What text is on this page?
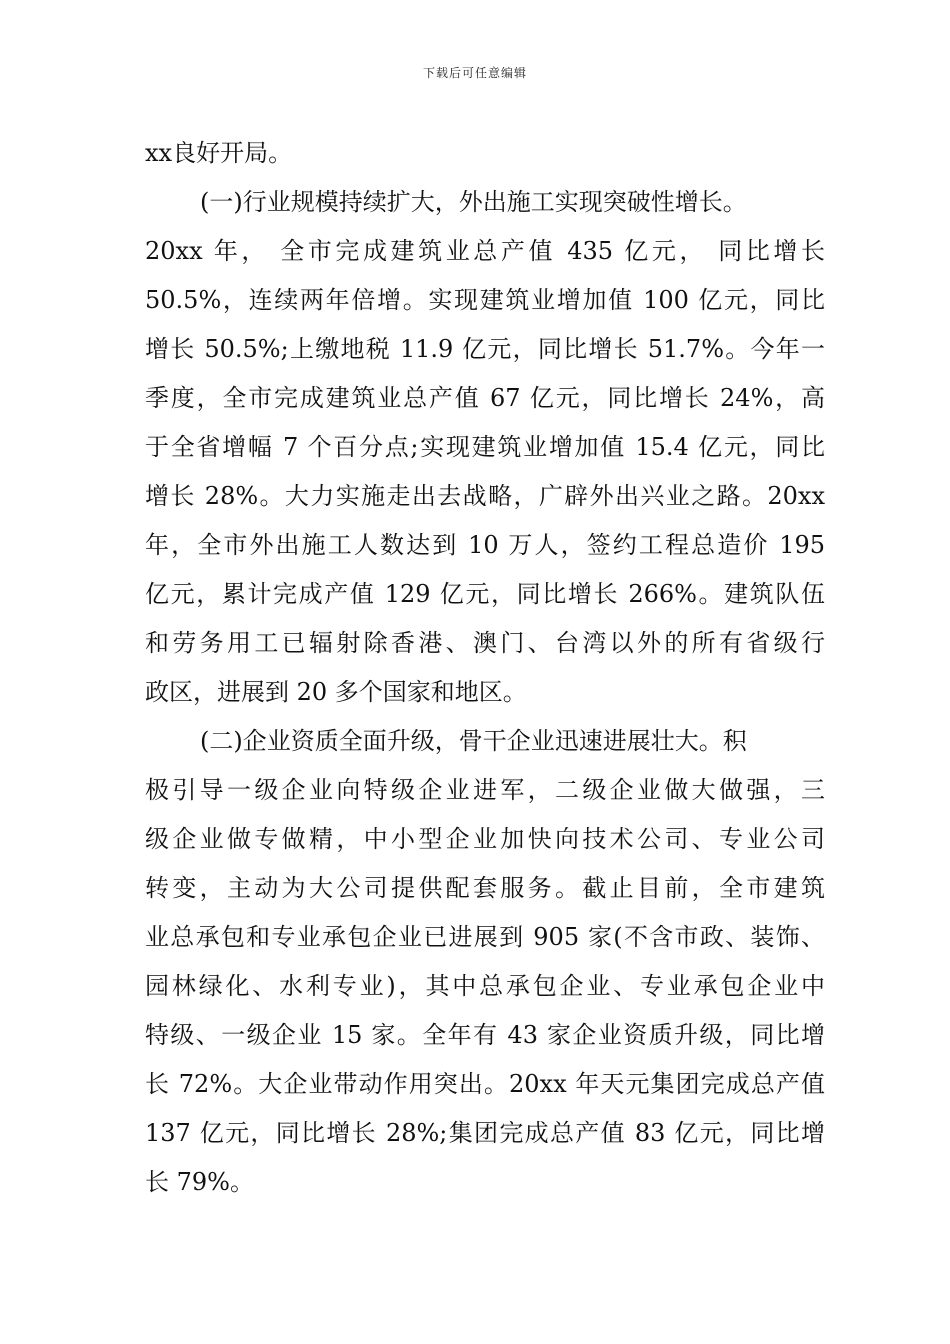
下载后可任意编辑
xx良好开局。
(一)行业规模持续扩大，外出施工实现突破性增长。
20xx 年， 全市完成建筑业总产值 435 亿元， 同比增长
50.5%，连续两年倍增。实现建筑业增加值 100 亿元，同比
增长 50.5%;上缴地税 11.9 亿元，同比增长 51.7%。今年一
季度，全市完成建筑业总产值 67 亿元，同比增长 24%，高
于全省增幅 7 个百分点;实现建筑业增加值 15.4 亿元，同比
增长 28%。大力实施走出去战略，广辟外出兴业之路。20xx
年，全市外出施工人数达到 10 万人，签约工程总造价 195
亿元，累计完成产值 129 亿元，同比增长 266%。建筑队伍
和劳务用工已辐射除香港、澳门、台湾以外的所有省级行
政区，进展到 20 多个国家和地区。
(二)企业资质全面升级，骨干企业迅速进展壮大。积
极引导一级企业向特级企业进军，二级企业做大做强，三
级企业做专做精，中小型企业加快向技术公司、专业公司
转变，主动为大公司提供配套服务。截止目前，全市建筑
业总承包和专业承包企业已进展到 905 家(不含市政、装饰、
园林绿化、水利专业)，其中总承包企业、专业承包企业中
特级、一级企业 15 家。全年有 43 家企业资质升级，同比增
长 72%。大企业带动作用突出。20xx 年天元集团完成总产值
137 亿元，同比增长 28%;集团完成总产值 83 亿元，同比增
长 79%。
